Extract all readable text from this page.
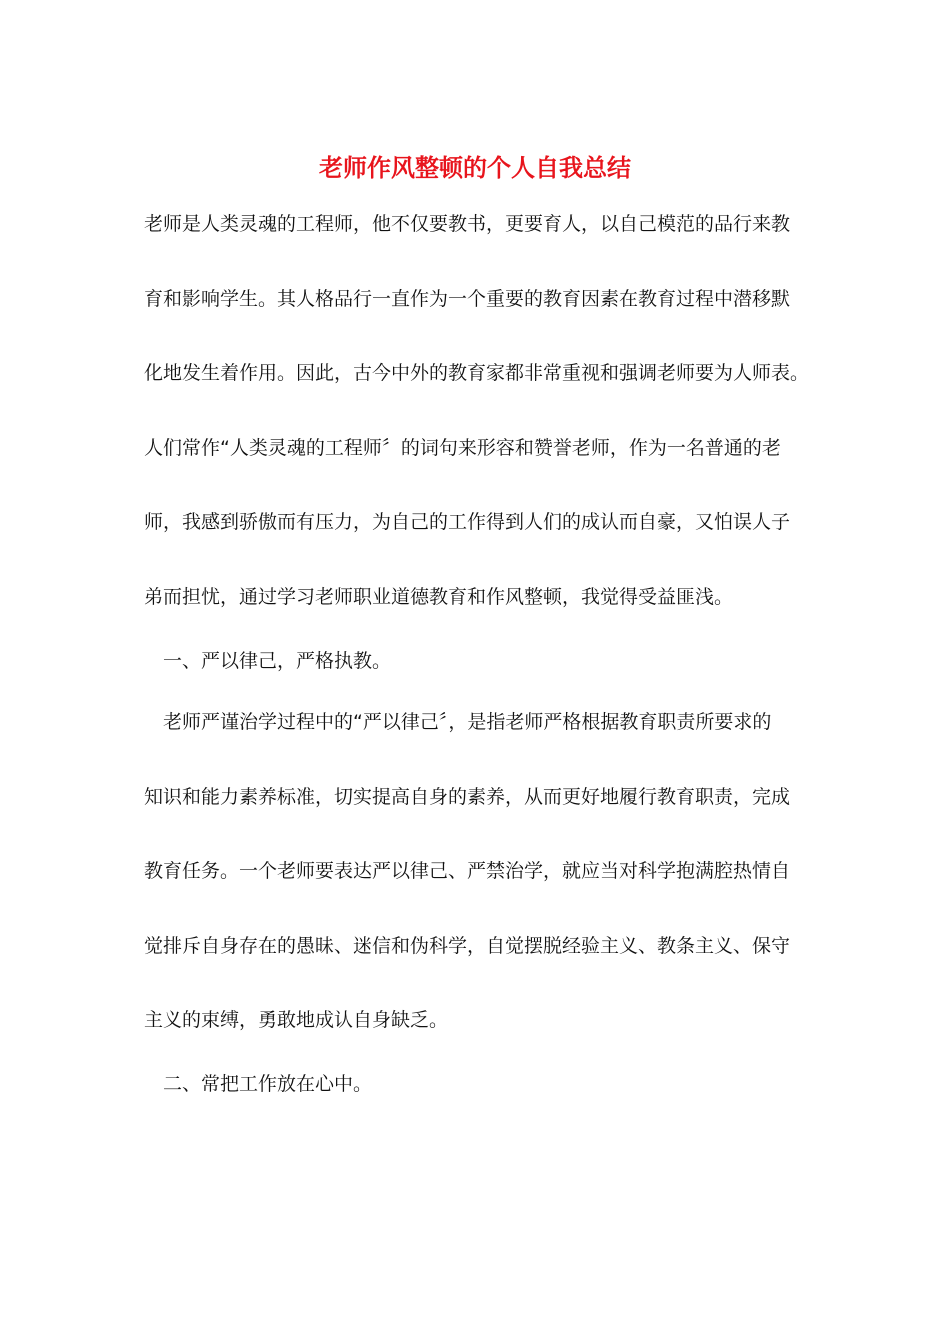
老师作风整顿的个人自我总结

老师是人类灵魂的工程师，他不仅要教书，更要育人，以自己模范的品行来教

育和影响学生。其人格品行一直作为一个重要的教育因素在教育过程中潜移默

化地发生着作用。因此，古今中外的教育家都非常重视和强调老师要为人师表。

人们常作“人类灵魂的工程师〞的词句来形容和赞誉老师，作为一名普通的老

师，我感到骄傲而有压力，为自己的工作得到人们的成认而自豪，又怕误人子

弟而担忧，通过学习老师职业道德教育和作风整顿，我觉得受益匪浅。

一、严以律己，严格执教。

老师严谨治学过程中的“严以律己〞，是指老师严格根据教育职责所要求的

知识和能力素养标准，切实提高自身的素养，从而更好地履行教育职责，完成

教育任务。一个老师要表达严以律己、严禁治学，就应当对科学抱满腔热情自

觉排斥自身存在的愚昧、迷信和伪科学，自觉摆脱经验主义、教条主义、保守

主义的束缚，勇敢地成认自身缺乏。

二、常把工作放在心中。
